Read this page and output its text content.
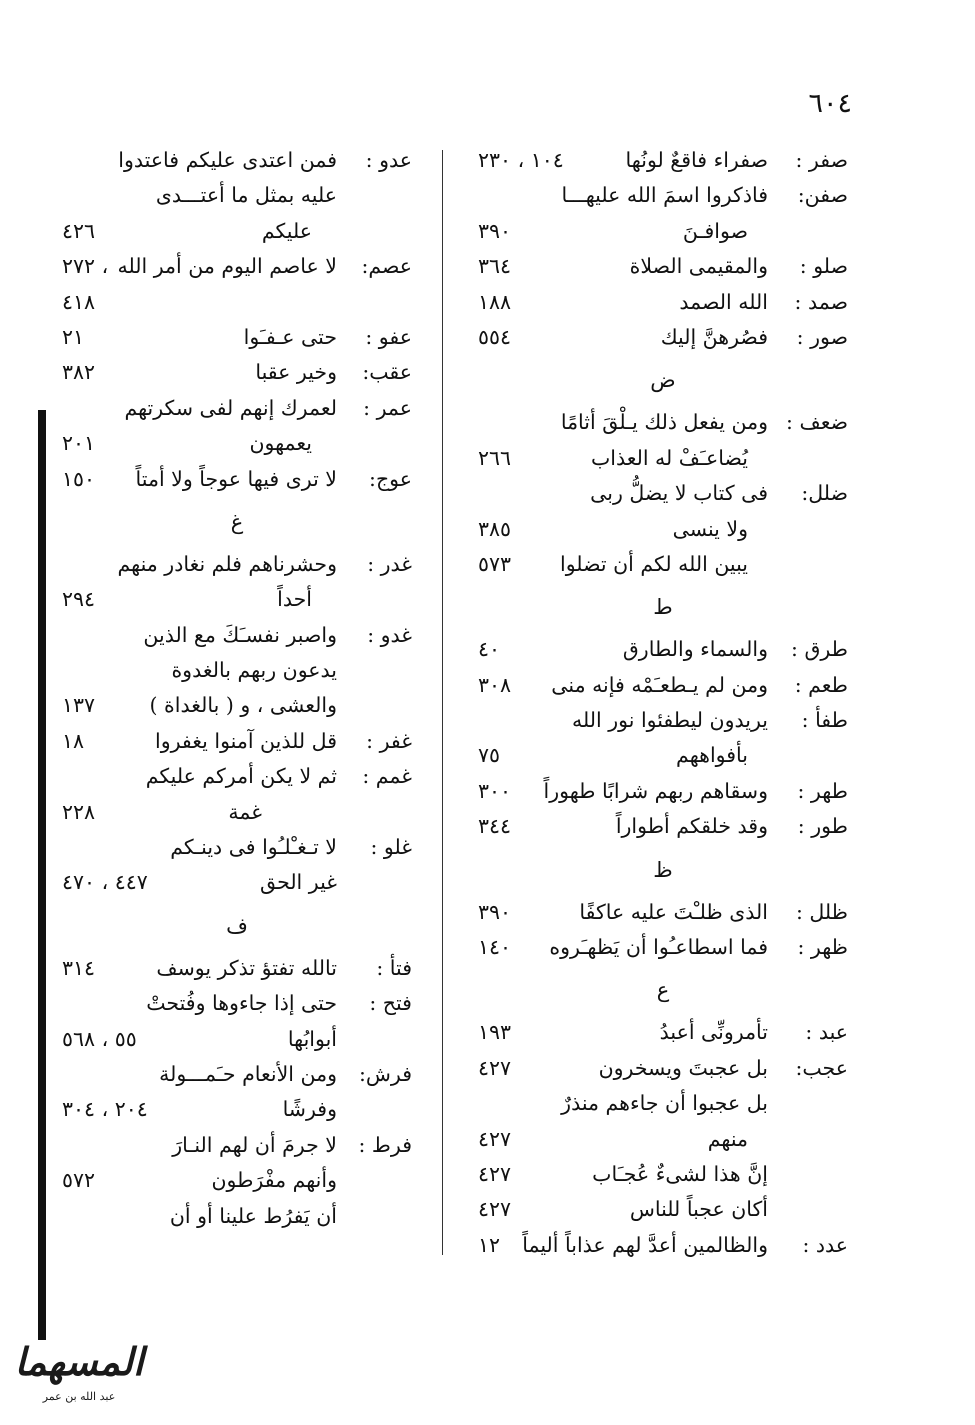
٦٠٤
صفر :
صفراء فاقعٌ لونُها
١٠٤ ، ٢٣٠
صفن:
فاذكروا اسمَ الله عليهـــا
صوافـنَ
٣٩٠
صلو :
والمقيمى الصلاة
٣٦٤
صمد :
الله الصمد
١٨٨
صور :
فصُرهنَّ إليك
٥٥٤
ض
ضعف :
ومن يفعل ذلك يـلْقَ أثامًا
يُضاعـَفْ له العذاب
٢٦٦
ضلل:
فى كتاب لا يضلُّ ربى
ولا ينسى
٣٨٥
يبين الله لكم أن تضلوا
٥٧٣
ط
طرق :
والسماء والطارق
٤٠
طعم :
ومن لم يـطعـَمْه فإنه منى
٣٠٨
طفأ :
يريدون ليطفئوا نور الله
بأفواههم
٧٥
طهر :
وسقاهم ربهم شرابًا طهوراً
٣٠٠
طور :
وقد خلقكم أطواراً
٣٤٤
ظ
ظلل :
الذى ظلـْتَ عليه عاكفًا
٣٩٠
ظهر :
فما اسطاعـُوا أن يَظهـَروه
١٤٠
ع
عبد :
تأمرونِّى أعبدُ
١٩٣
عجب:
بل عجبتَ ويسخرون
٤٢٧
بل عجبوا أن جاءهم منذرٌ
منهم
٤٢٧
إنَّ هذا لشىءٌ عُجـَاب
٤٢٧
أكان عجباً للناس
٤٢٧
عدد :
والظالمين أعدَّ لهم عذاباً أليماً
١٢
عدو :
فمن اعتدى عليكم فاعتدوا
عليه بمثل ما أعتـــدى
عليكم
٤٢٦
عصم:
لا عاصم اليوم من أمر الله
٢٧٢ ،
٤١٨
عفو :
حتى عـفـَوا
٢١
عقب:
وخير عقبا
٣٨٢
عمر :
لعمرك إنهم لفى سكرتهم
يعمهون
٢٠١
عوج:
لا ترى فيها عوجاً ولا أمتاً
١٥٠
غ
غدر :
وحشرناهم فلم نغادر منهم
أحداً
٢٩٤
غدو :
واصبر نفسـَكَ مع الذين
يدعون ربهم بالغدوة
والعشى ، و ( بالغداة )
١٣٧
غفر :
قل للذين آمنوا يغفروا
١٨
غمم :
ثم لا يكن أمركم عليكم
غمة
٢٢٨
غلو :
لا تـغـْلـُوا فى دينـكم
غير الحق
٤٤٧ ، ٤٧٠
ف
فتأ :
تالله تفتؤ تذكر يوسف
٣١٤
فتح :
حتى إذا جاءوها وفُتحتْ
أبوابُها
٥٥ ، ٥٦٨
فرش:
ومن الأنعام حـَمـــولة
وفرشًا
٢٠٤ ، ٣٠٤
فرط :
لا جرمَ أن لهم النـارَ
وأنهم مفْرَطون
٥٧٢
أن يَفرُط علينا أو أن
المسهما
عبد الله بن عمر
